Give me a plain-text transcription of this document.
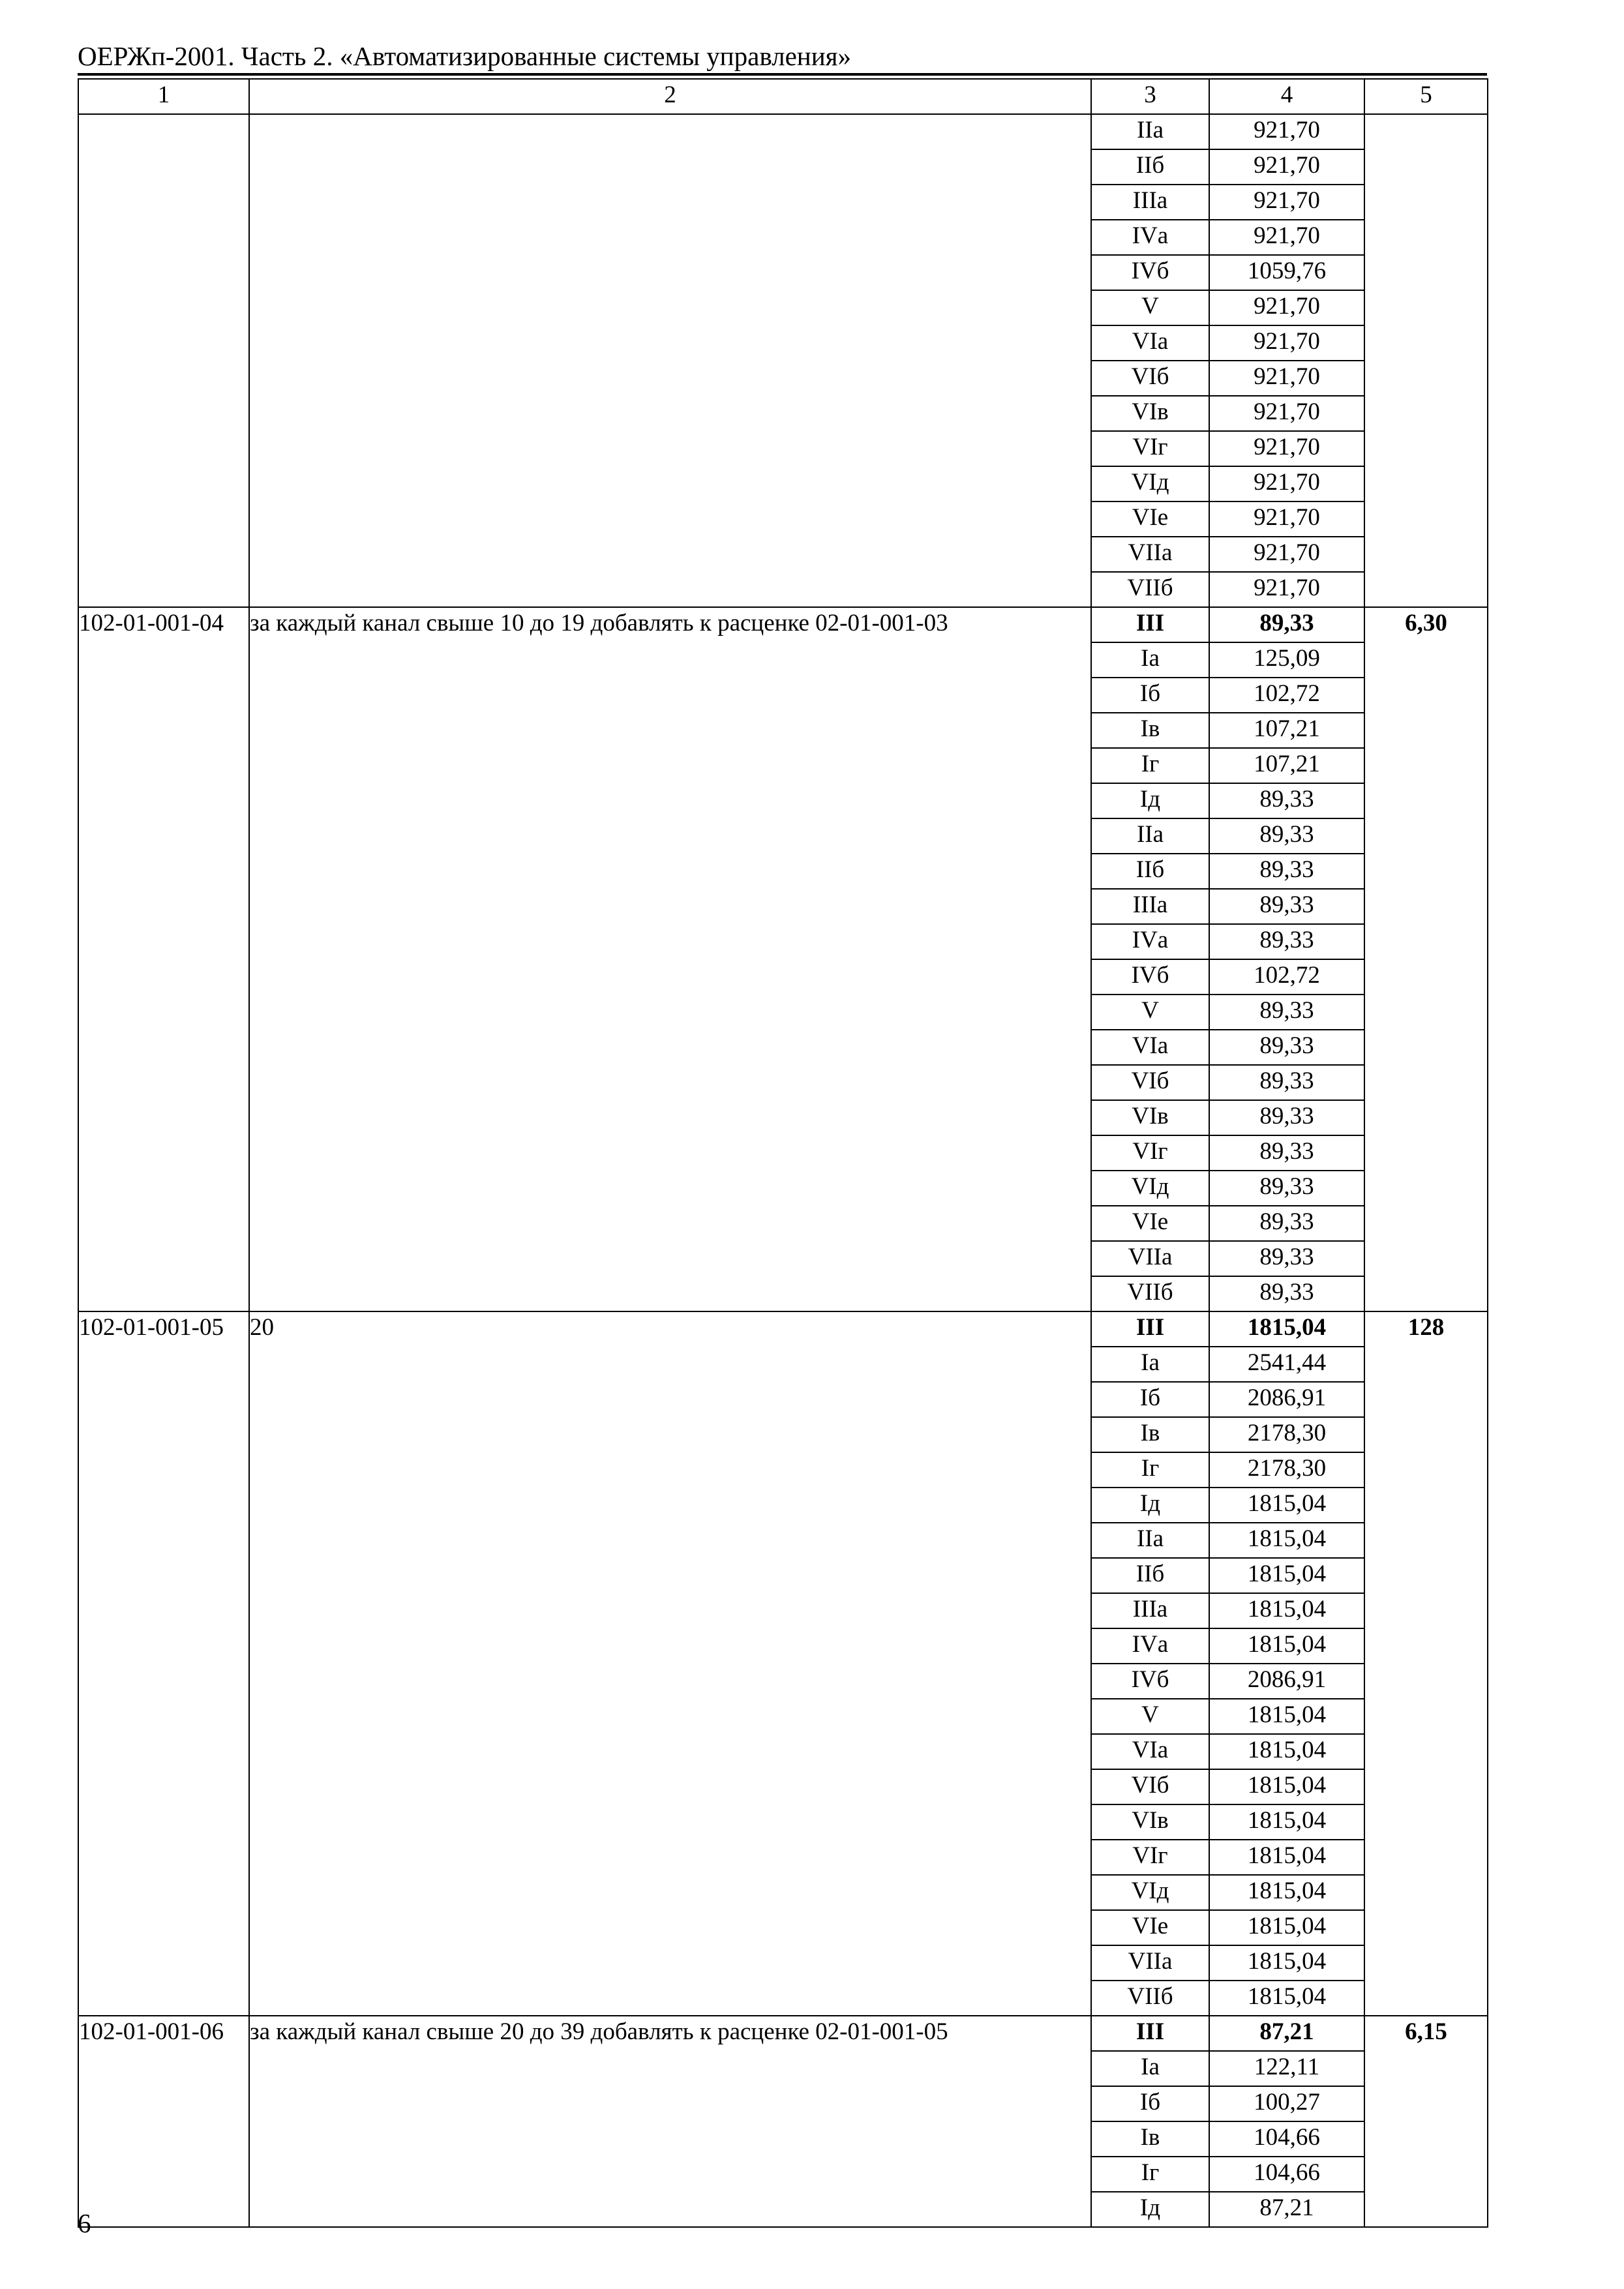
ОЕРЖп-2001. Часть 2. «Автоматизированные системы управления»
1	2	3	4	5
		IIа	921,70	
		IIб	921,70	
		IIIа	921,70	
		IVа	921,70	
		IVб	1059,76	
		V	921,70	
		VIа	921,70	
		VIб	921,70	
		VIв	921,70	
		VIг	921,70	
		VIд	921,70	
		VIе	921,70	
		VIIа	921,70	
		VIIб	921,70	
102-01-001-04	за каждый канал свыше 10 до 19 добавлять к расценке 02-01-001-03	III	89,33	6,30
		Iа	125,09	
		Iб	102,72	
		Iв	107,21	
		Iг	107,21	
		Iд	89,33	
		IIа	89,33	
		IIб	89,33	
		IIIа	89,33	
		IVа	89,33	
		IVб	102,72	
		V	89,33	
		VIа	89,33	
		VIб	89,33	
		VIв	89,33	
		VIг	89,33	
		VIд	89,33	
		VIе	89,33	
		VIIа	89,33	
		VIIб	89,33	
102-01-001-05	20	III	1815,04	128
		Iа	2541,44	
		Iб	2086,91	
		Iв	2178,30	
		Iг	2178,30	
		Iд	1815,04	
		IIа	1815,04	
		IIб	1815,04	
		IIIа	1815,04	
		IVа	1815,04	
		IVб	2086,91	
		V	1815,04	
		VIа	1815,04	
		VIб	1815,04	
		VIв	1815,04	
		VIг	1815,04	
		VIд	1815,04	
		VIе	1815,04	
		VIIа	1815,04	
		VIIб	1815,04	
102-01-001-06	за каждый канал свыше 20 до 39 добавлять к расценке 02-01-001-05	III	87,21	6,15
		Iа	122,11	
		Iб	100,27	
		Iв	104,66	
		Iг	104,66	
		Iд	87,21	
6
